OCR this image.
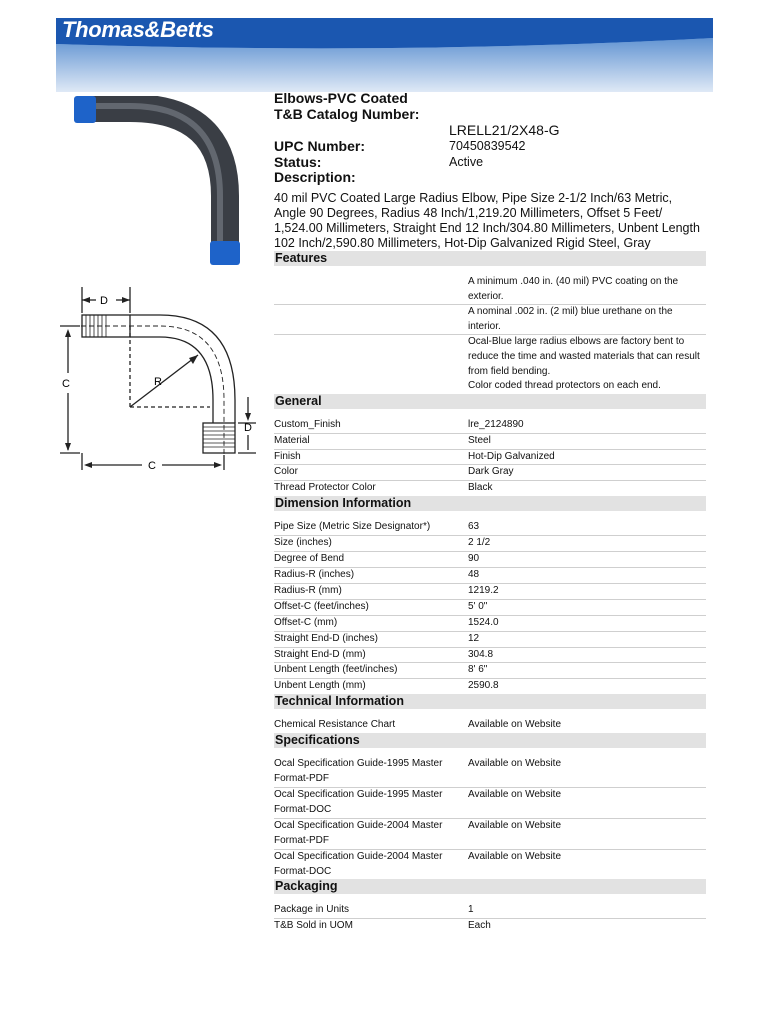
Thomas&Betts
D
C
C
D
R
Elbows-PVC Coated
T&B Catalog Number:
LRELL21/2X48-G
UPC Number:	70450839542
Status:	Active
Description:
40 mil PVC Coated Large Radius Elbow, Pipe Size 2-1/2 Inch/63 Metric, Angle 90 Degrees, Radius 48 Inch/1,219.20 Millimeters, Offset 5 Feet/ 1,524.00 Millimeters, Straight End 12 Inch/304.80 Millimeters, Unbent Length 102 Inch/2,590.80 Millimeters, Hot-Dip Galvanized Rigid Steel, Gray
Features
A minimum .040 in. (40 mil) PVC coating on the exterior.
A nominal .002 in. (2 mil) blue urethane on the interior.
Ocal-Blue large radius elbows are factory bent to reduce the time and wasted materials that can result from field bending.
Color coded thread protectors on each end.
General
Custom_Finish	lre_2124890
Material	Steel
Finish	Hot-Dip Galvanized
Color	Dark Gray
Thread Protector Color	Black
Dimension Information
Pipe Size (Metric Size Designator*)	63
Size (inches)	2 1/2
Degree of Bend	90
Radius-R (inches)	48
Radius-R (mm)	1219.2
Offset-C (feet/inches)	5' 0"
Offset-C (mm)	1524.0
Straight End-D (inches)	12
Straight End-D (mm)	304.8
Unbent Length (feet/inches)	8' 6"
Unbent Length (mm)	2590.8
Technical Information
Chemical Resistance Chart	Available on Website
Specifications
Ocal Specification Guide-1995 Master
Format-PDF
Available on Website
Ocal Specification Guide-1995 Master
Format-DOC
Available on Website
Ocal Specification Guide-2004 Master
Format-PDF
Available on Website
Ocal Specification Guide-2004 Master
Format-DOC
Available on Website
Packaging
Package in Units	1
T&B Sold in UOM	Each
